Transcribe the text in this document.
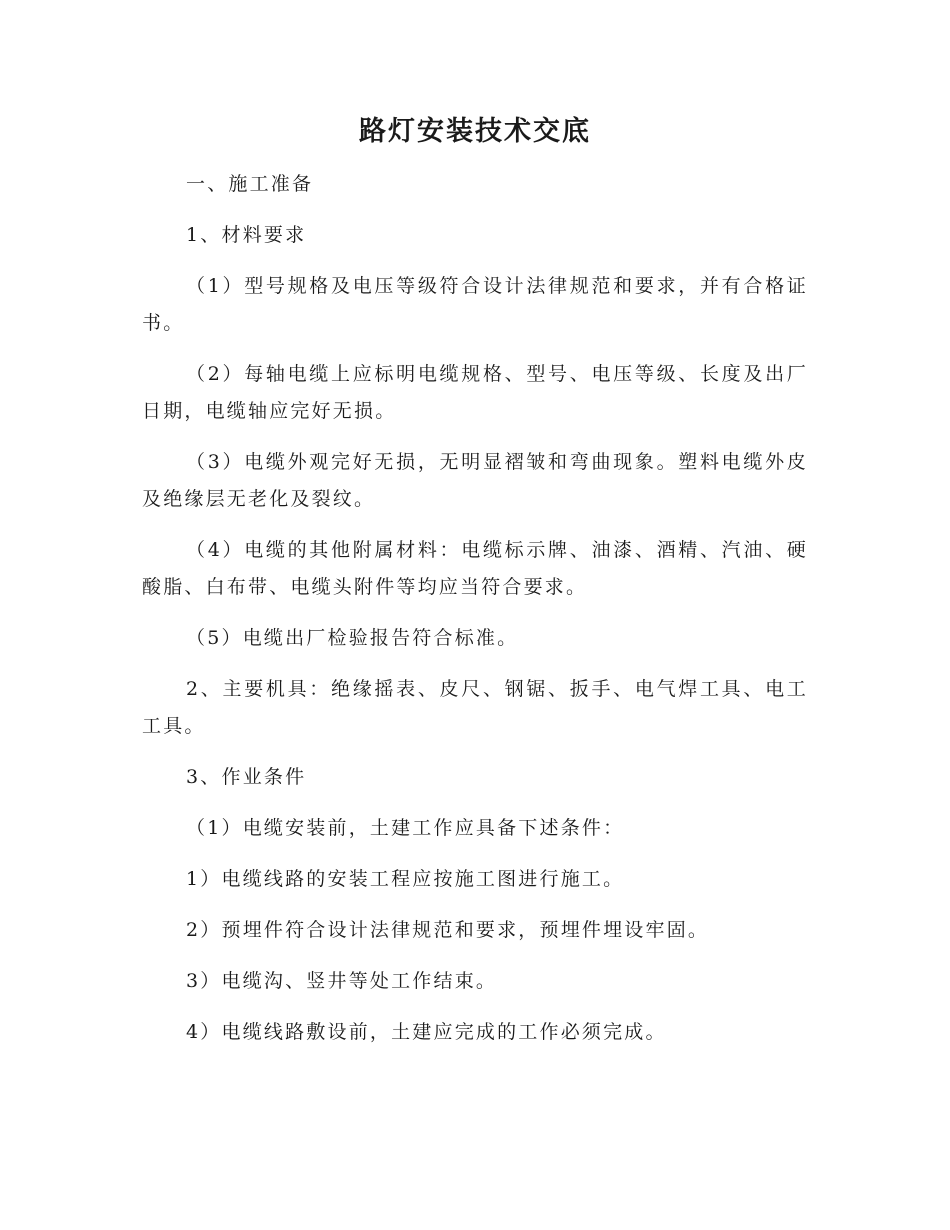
路灯安装技术交底

一、施工准备

1、材料要求

（1）型号规格及电压等级符合设计法律规范和要求，并有合格证书。

（2）每轴电缆上应标明电缆规格、型号、电压等级、长度及出厂日期，电缆轴应完好无损。

（3）电缆外观完好无损，无明显褶皱和弯曲现象。塑料电缆外皮及绝缘层无老化及裂纹。

（4）电缆的其他附属材料：电缆标示牌、油漆、酒精、汽油、硬酸脂、白布带、电缆头附件等均应当符合要求。

（5）电缆出厂检验报告符合标准。

2、主要机具：绝缘摇表、皮尺、钢锯、扳手、电气焊工具、电工工具。

3、作业条件

（1）电缆安装前，土建工作应具备下述条件：

1）电缆线路的安装工程应按施工图进行施工。

2）预埋件符合设计法律规范和要求，预埋件埋设牢固。

3）电缆沟、竖井等处工作结束。

4）电缆线路敷设前，土建应完成的工作必须完成。
